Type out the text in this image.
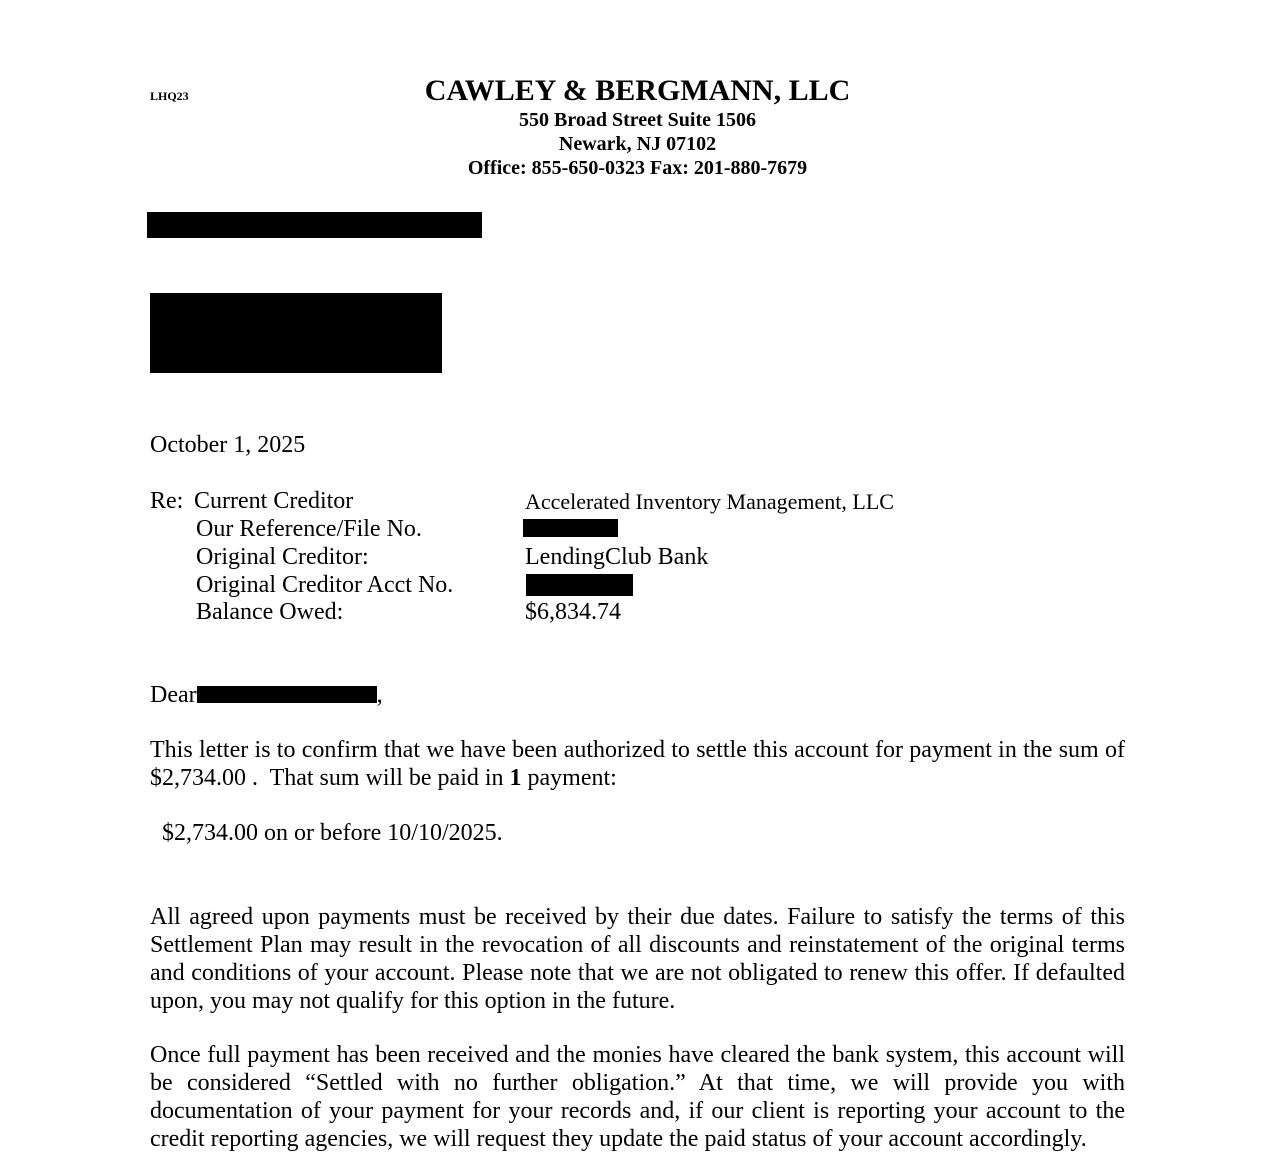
LHQ23	CAWLEY & BERGMANN, LLC
550 Broad Street Suite 1506
Newark, NJ 07102
Office: 855-650-0323 Fax: 201-880-7679
October 1, 2025
Re: Current Creditor	Accelerated Inventory Management, LLC
Our Reference/File No.
Original Creditor:	LendingClub Bank
Original Creditor Acct No.
Balance Owed:	$6,834.74
Dear	,
This letter is to confirm that we have been authorized to settle this account for payment in the sum of
$2,734.00 .  That sum will be paid in 1 payment:
$2,734.00 on or before 10/10/2025.
All agreed upon payments must be received by their due dates. Failure to satisfy the terms of this Settlement Plan may result in the revocation of all discounts and reinstatement of the original terms and conditions of your account. Please note that we are not obligated to renew this offer. If defaulted upon, you may not qualify for this option in the future.
Once full payment has been received and the monies have cleared the bank system, this account will be considered “Settled with no further obligation.” At that time, we will provide you with documentation of your payment for your records and, if our client is reporting your account to the credit reporting agencies, we will request they update the paid status of your account accordingly.
